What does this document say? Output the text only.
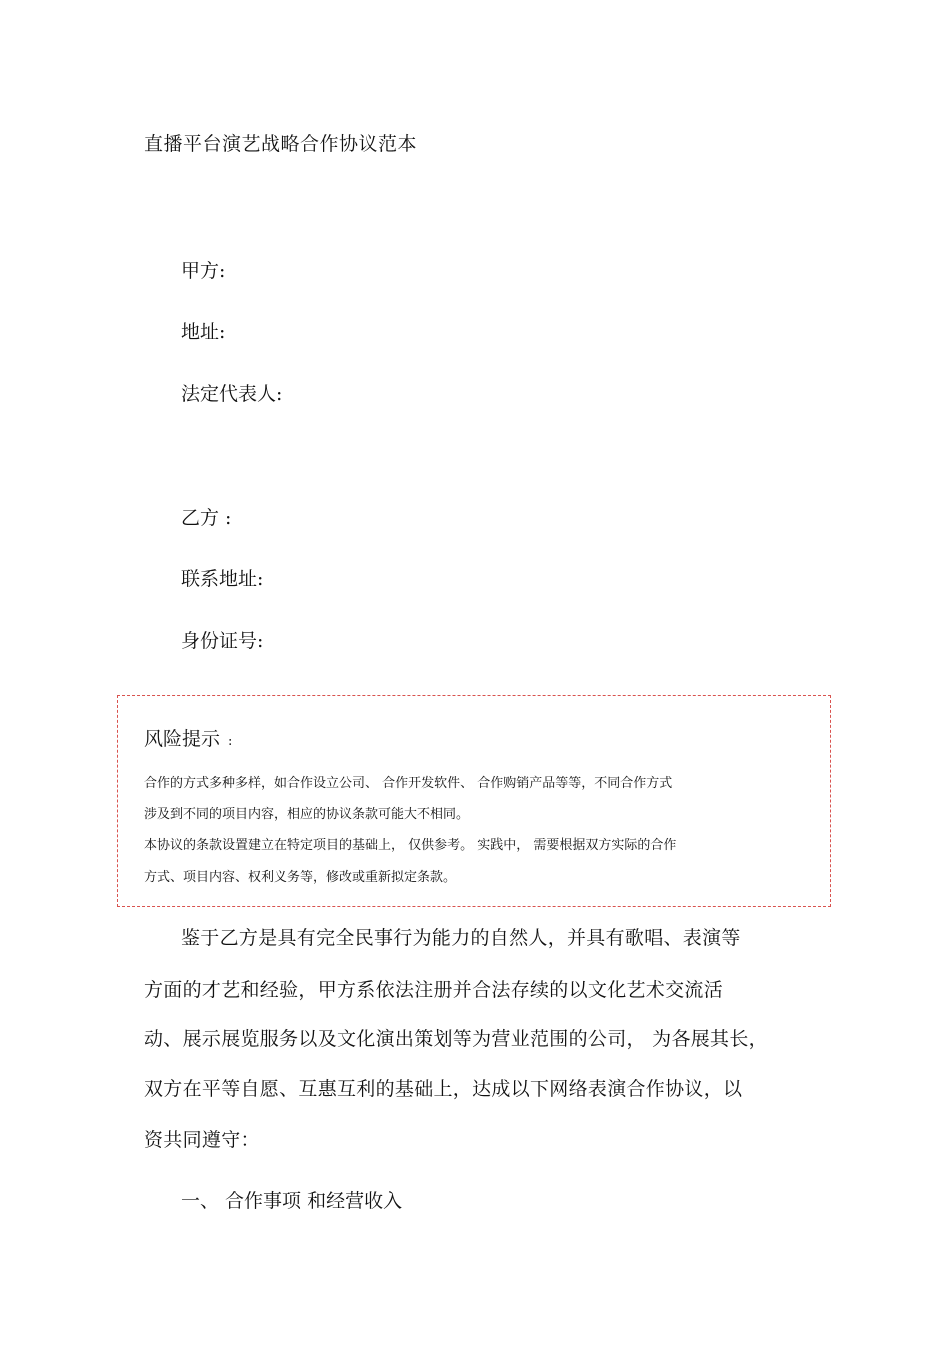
直播平台演艺战略合作协议范本
甲方:
地址:
法定代表人:
乙方 :
联系地址:
身份证号:
风险提示 :
合作的方式多种多样，如合作设立公司、 合作开发软件、 合作购销产品等等，不同合作方式
涉及到不同的项目内容，相应的协议条款可能大不相同。
本协议的条款设置建立在特定项目的基础上， 仅供参考。 实践中， 需要根据双方实际的合作
方式、项目内容、权利义务等，修改或重新拟定条款。
鉴于乙方是具有完全民事行为能力的自然人，并具有歌唱、表演等
方面的才艺和经验，甲方系依法注册并合法存续的以文化艺术交流活
动、展示展览服务以及文化演出策划等为营业范围的公司， 为各展其长，
双方在平等自愿、互惠互利的基础上，达成以下网络表演合作协议，以
资共同遵守：
一、 合作事项 和经营收入
